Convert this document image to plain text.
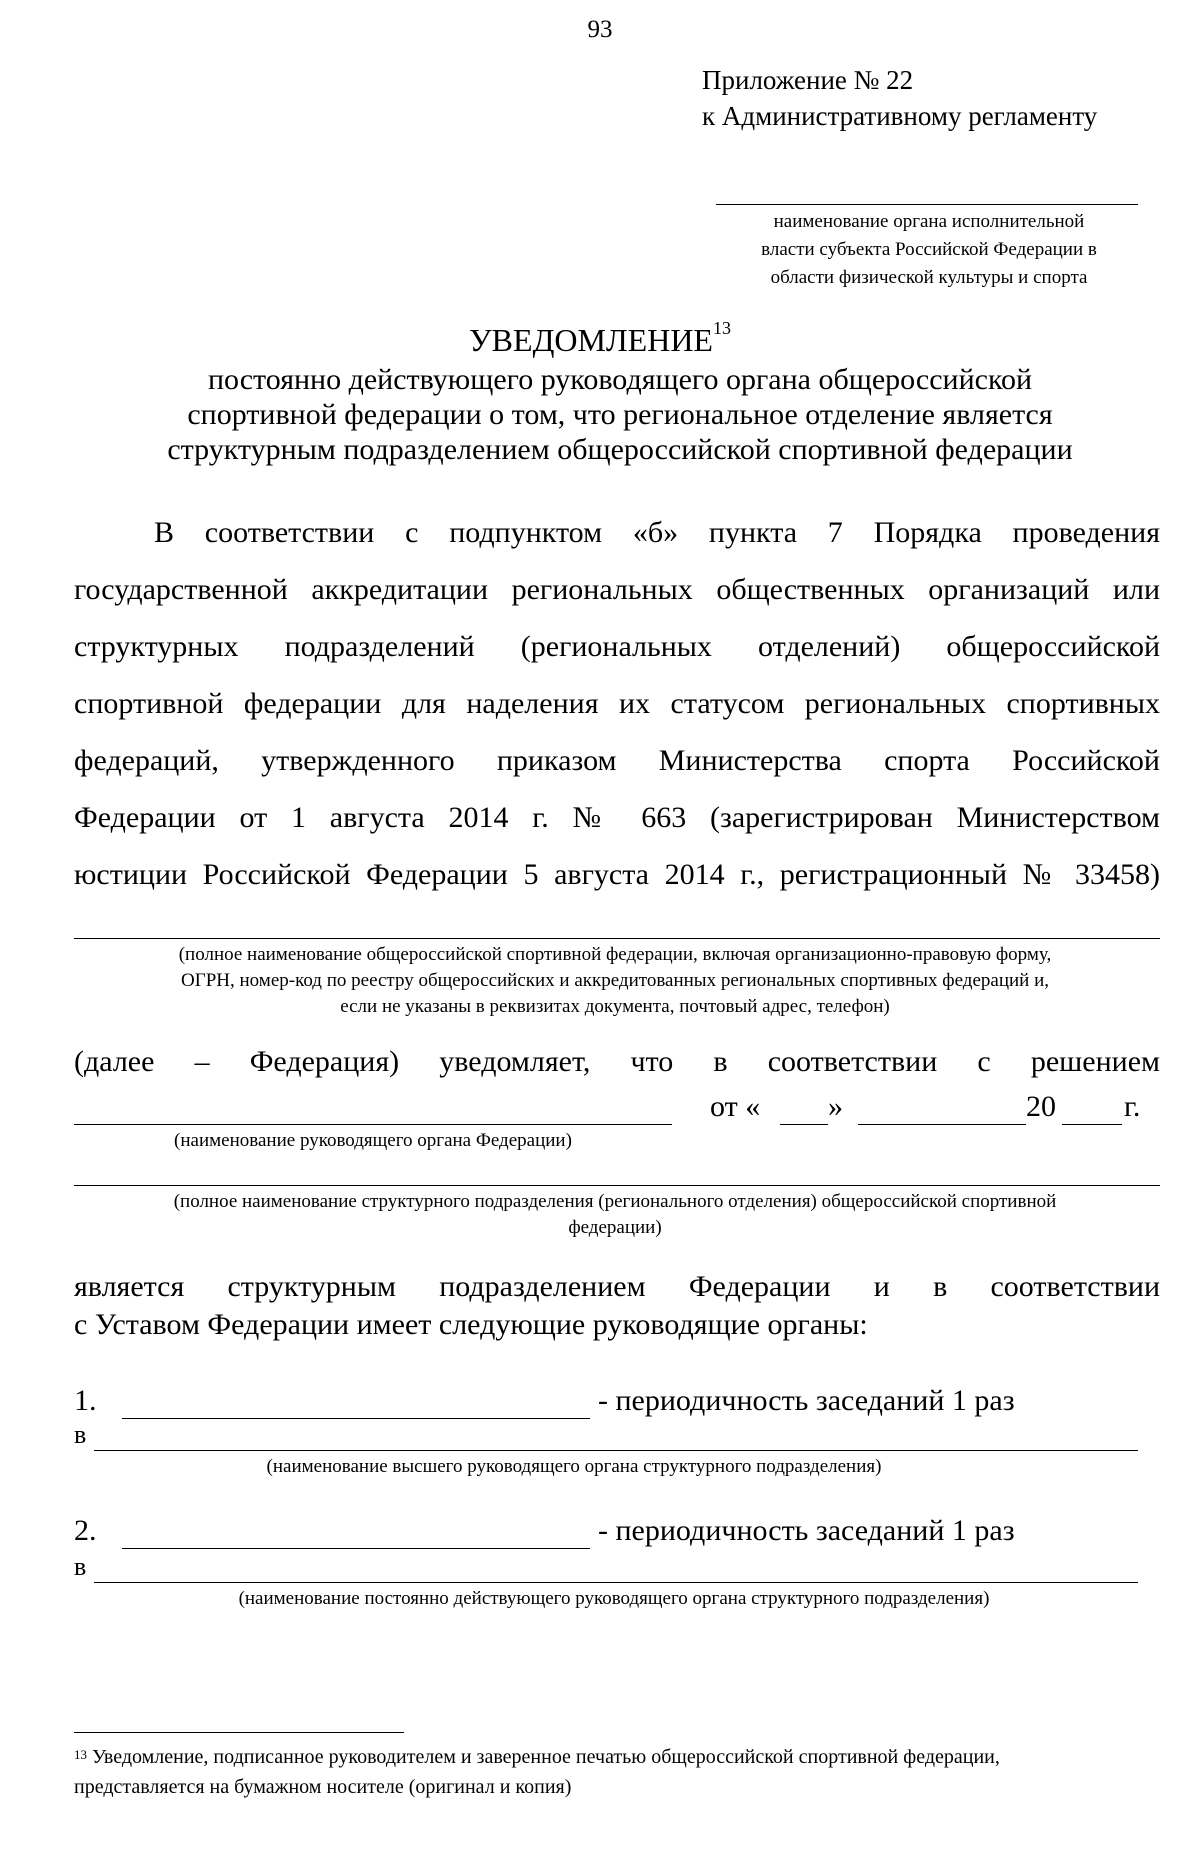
93
Приложение № 22
к Административному регламенту
наименование органа исполнительной
власти субъекта Российской Федерации в
области физической культуры и спорта
УВЕДОМЛЕНИЕ$^{13}$
постоянно действующего руководящего органа общероссийской
спортивной федерации о том, что региональное отделение является
структурным подразделением общероссийской спортивной федерации
В соответствии с подпунктом «б» пункта 7 Порядка проведения
государственной аккредитации региональных общественных организаций или
структурных подразделений (региональных отделений) общероссийской
спортивной федерации для наделения их статусом региональных спортивных
федераций, утвержденного приказом Министерства спорта Российской
Федерации от 1 августа 2014 г. № 663 (зарегистрирован Министерством
юстиции Российской Федерации 5 августа 2014 г., регистрационный № 33458)
(полное наименование общероссийской спортивной федерации, включая организационно-правовую форму,
ОГРН, номер-код по реестру общероссийских и аккредитованных региональных спортивных федераций и,
если не указаны в реквизитах документа, почтовый адрес, телефон)
(далее – Федерация) уведомляет, что в соответствии с решением
от « »	20 г.
(наименование руководящего органа Федерации)
(полное наименование структурного подразделения (регионального отделения) общероссийской спортивной
федерации)
является структурным подразделением Федерации и в соответствии
с Уставом Федерации имеет следующие руководящие органы:
1.	- периодичность заседаний 1 раз
в
(наименование высшего руководящего органа структурного подразделения)
2.	- периодичность заседаний 1 раз
в
(наименование постоянно действующего руководящего органа структурного подразделения)
$^{13}$ Уведомление, подписанное руководителем и заверенное печатью общероссийской спортивной федерации,
представляется на бумажном носителе (оригинал и копия)
